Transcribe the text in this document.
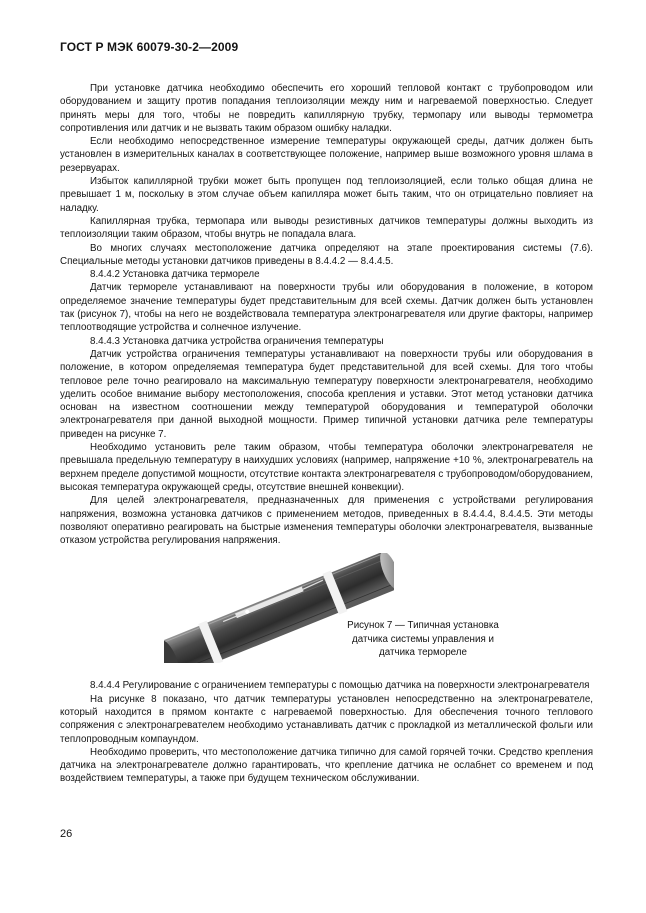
ГОСТ Р МЭК 60079-30-2—2009

При установке датчика необходимо обеспечить его хороший тепловой контакт с трубопроводом или оборудованием и защиту против попадания теплоизоляции между ним и нагреваемой поверхностью. Следует принять меры для того, чтобы не повредить капиллярную трубку, термопару или выводы термометра сопротивления или датчик и не вызвать таким образом ошибку наладки.

Если необходимо непосредственное измерение температуры окружающей среды, датчик должен быть установлен в измерительных каналах в соответствующее положение, например выше возможного уровня шлама в резервуарах.

Избыток капиллярной трубки может быть пропущен под теплоизоляцией, если только общая длина не превышает 1 м, поскольку в этом случае объем капилляра может быть таким, что он отрицательно повлияет на наладку.

Капиллярная трубка, термопара или выводы резистивных датчиков температуры должны выходить из теплоизоляции таким образом, чтобы внутрь не попадала влага.

Во многих случаях местоположение датчика определяют на этапе проектирования системы (7.6). Специальные методы установки датчиков приведены в 8.4.4.2 — 8.4.4.5.

8.4.4.2 Установка датчика термореле

Датчик термореле устанавливают на поверхности трубы или оборудования в положение, в котором определяемое значение температуры будет представительным для всей схемы. Датчик должен быть установлен так (рисунок 7), чтобы на него не воздействовала температура электронагревателя или другие факторы, например теплоотводящие устройства и солнечное излучение.

8.4.4.3 Установка датчика устройства ограничения температуры

Датчик устройства ограничения температуры устанавливают на поверхности трубы или оборудования в положение, в котором определяемая температура будет представительной для всей схемы. Для того чтобы тепловое реле точно реагировало на максимальную температуру поверхности электронагревателя, необходимо уделить особое внимание выбору местоположения, способа крепления и уставки. Этот метод установки датчика основан на известном соотношении между температурой оборудования и температурой оболочки электронагревателя при данной выходной мощности. Пример типичной установки датчика реле температуры приведен на рисунке 7.

Необходимо установить реле таким образом, чтобы температура оболочки электронагревателя не превышала предельную температуру в наихудших условиях (например, напряжение +10 %, электронагреватель на верхнем пределе допустимой мощности, отсутствие контакта электронагревателя с трубопроводом/оборудованием, высокая температура окружающей среды, отсутствие внешней конвекции).

Для целей электронагревателя, предназначенных для применения с устройствами регулирования напряжения, возможна установка датчиков с применением методов, приведенных в 8.4.4.4, 8.4.4.5. Эти методы позволяют оперативно реагировать на быстрые изменения температуры оболочки электронагревателя, вызванные отказом устройства регулирования напряжения.

Рисунок 7 — Типичная установка датчика системы управления и датчика термореле

8.4.4.4 Регулирование с ограничением температуры с помощью датчика на поверхности электронагревателя

На рисунке 8 показано, что датчик температуры установлен непосредственно на электронагревателе, который находится в прямом контакте с нагреваемой поверхностью. Для обеспечения точного теплового сопряжения с электронагревателем необходимо устанавливать датчик с прокладкой из металлической фольги или теплопроводным компаундом.

Необходимо проверить, что местоположение датчика типично для самой горячей точки. Средство крепления датчика на электронагревателе должно гарантировать, что крепление датчика не ослабнет со временем и под воздействием температуры, а также при будущем техническом обслуживании.

26
